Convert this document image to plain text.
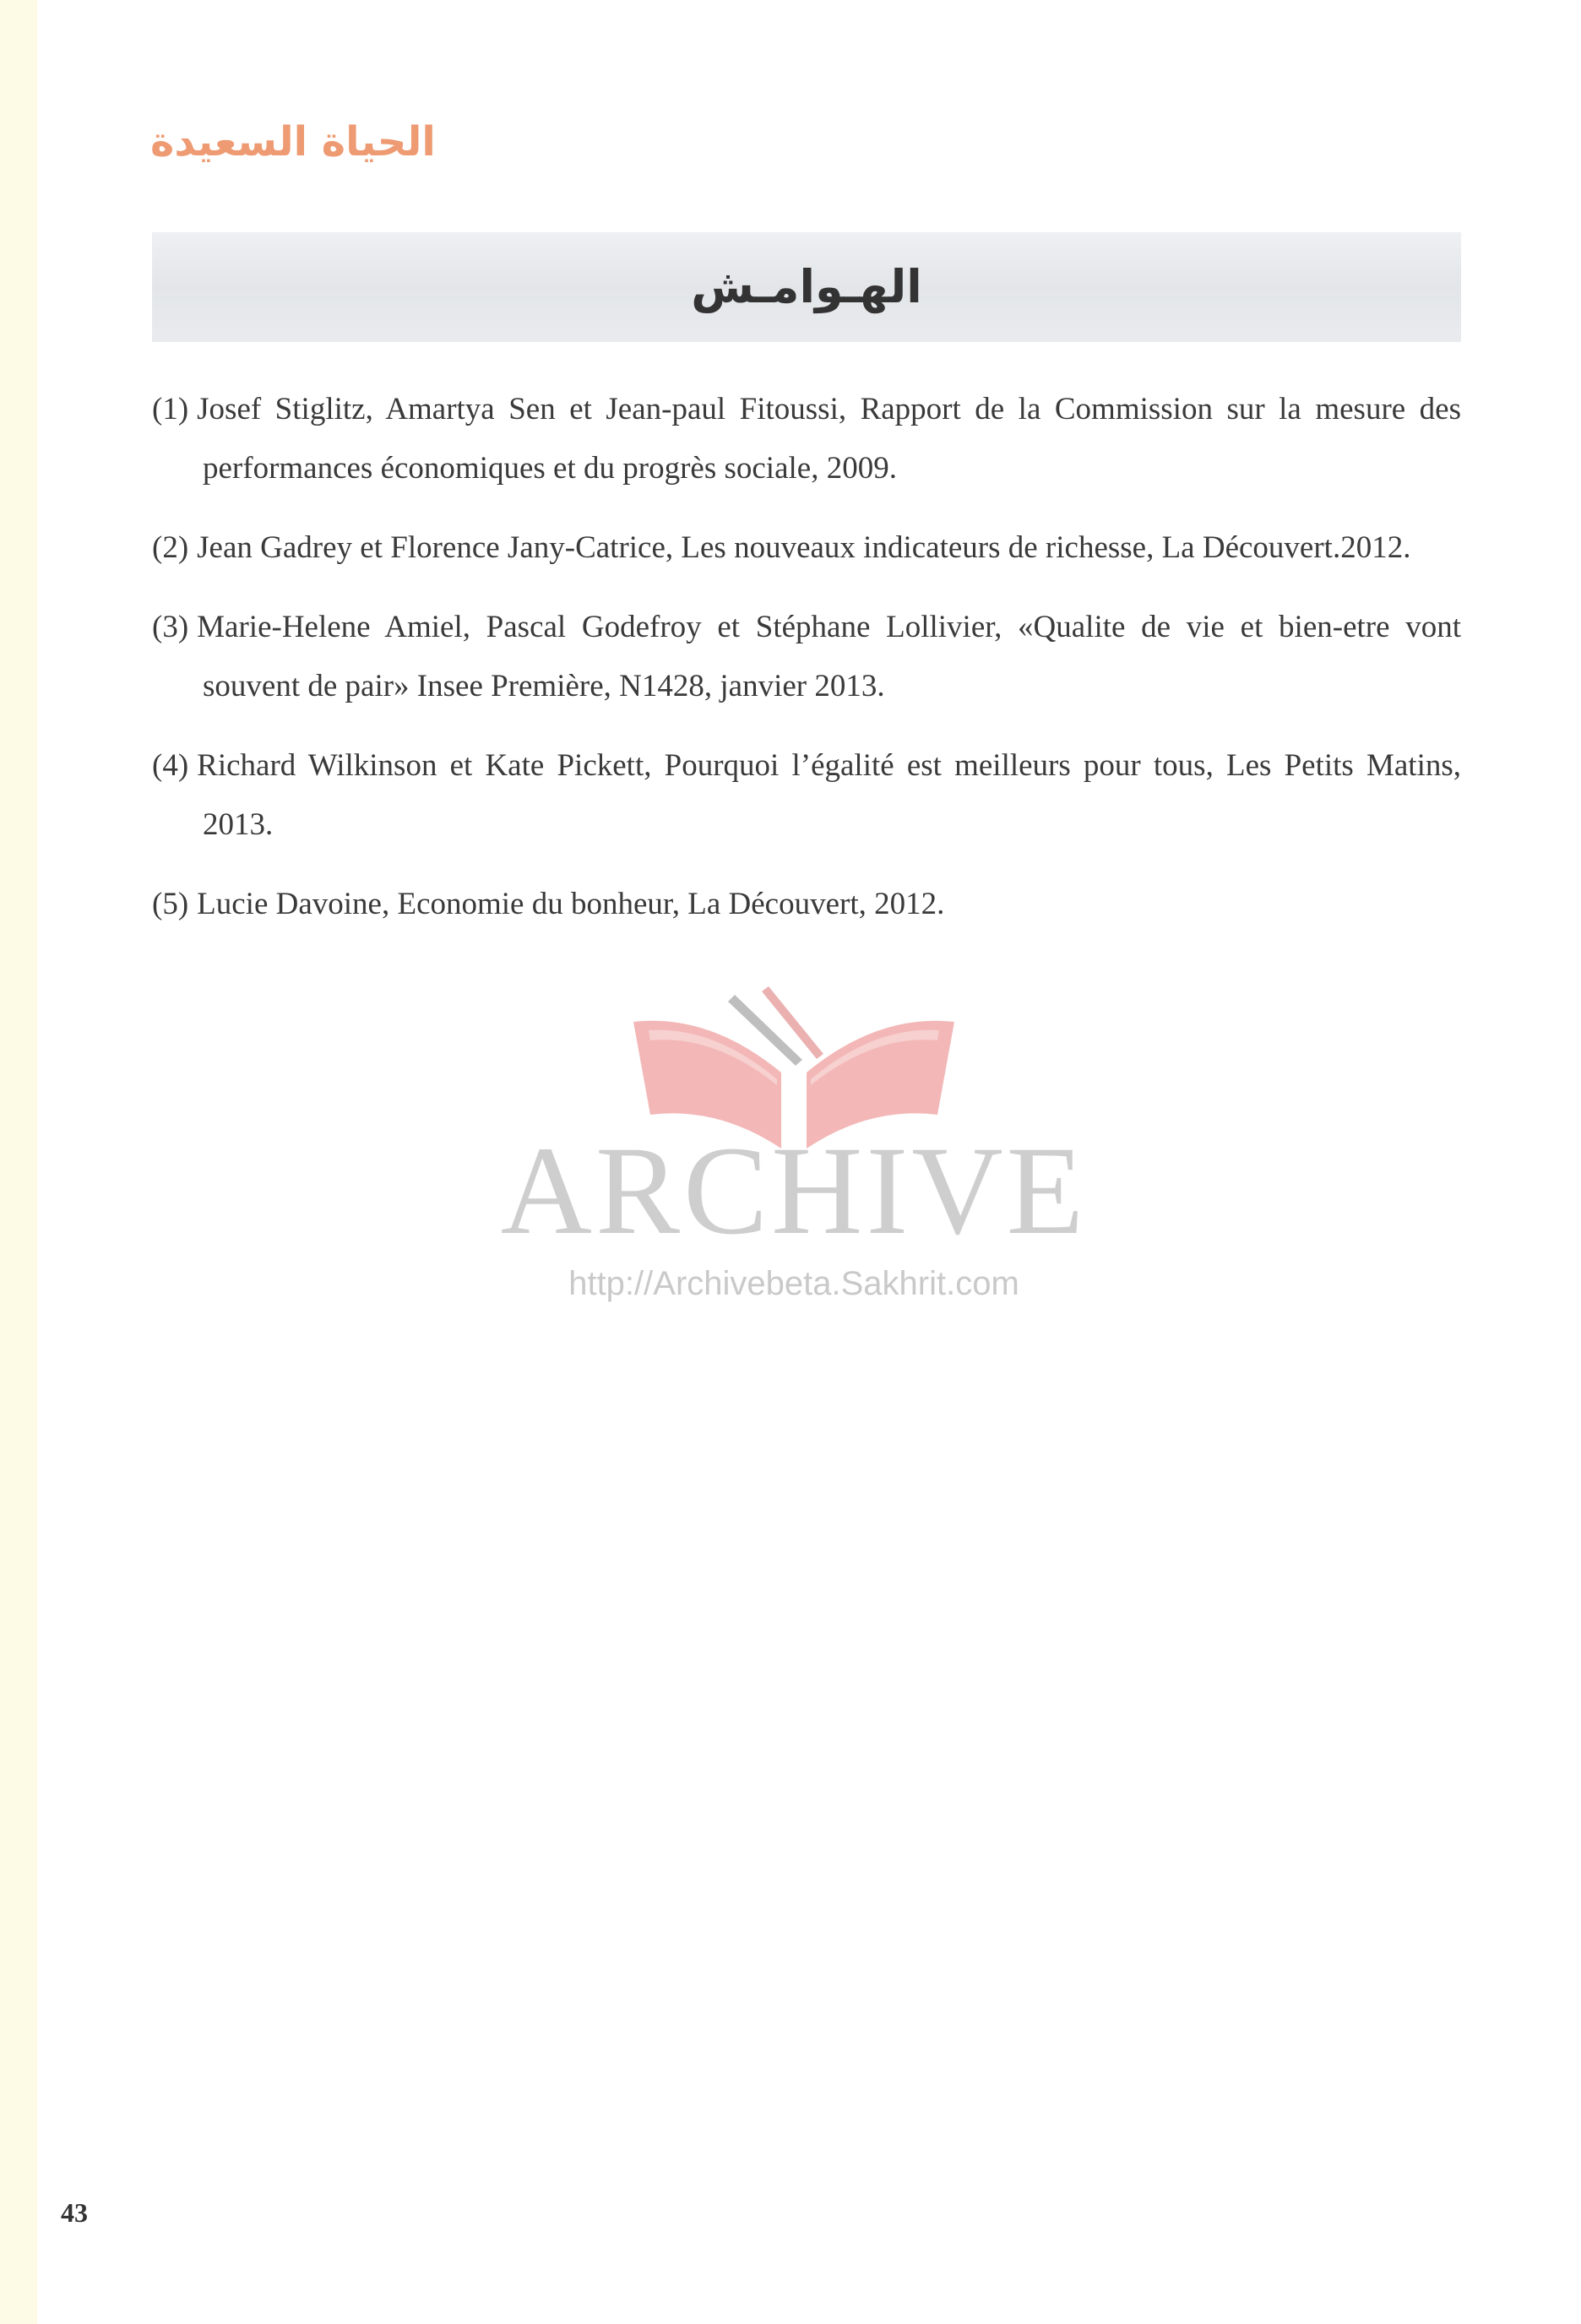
الحياة السعيدة
الهـوامـش
(1) Josef Stiglitz, Amartya Sen et Jean-paul Fitoussi, Rapport de la Commission sur la mesure des performances économiques et du progrès sociale, 2009.
(2) Jean Gadrey et Florence Jany-Catrice, Les nouveaux indicateurs de richesse, La Découvert.2012.
(3) Marie-Helene Amiel, Pascal Godefroy et Stéphane Lollivier, «Qualite de vie et bien-etre vont souvent de pair» Insee Première, N1428, janvier 2013.
(4) Richard Wilkinson et Kate Pickett, Pourquoi l’égalité est meilleurs pour tous, Les Petits Matins, 2013.
(5) Lucie Davoine, Economie du bonheur, La Découvert, 2012.
ARCHIVE
http://Archivebeta.Sakhrit.com
43
